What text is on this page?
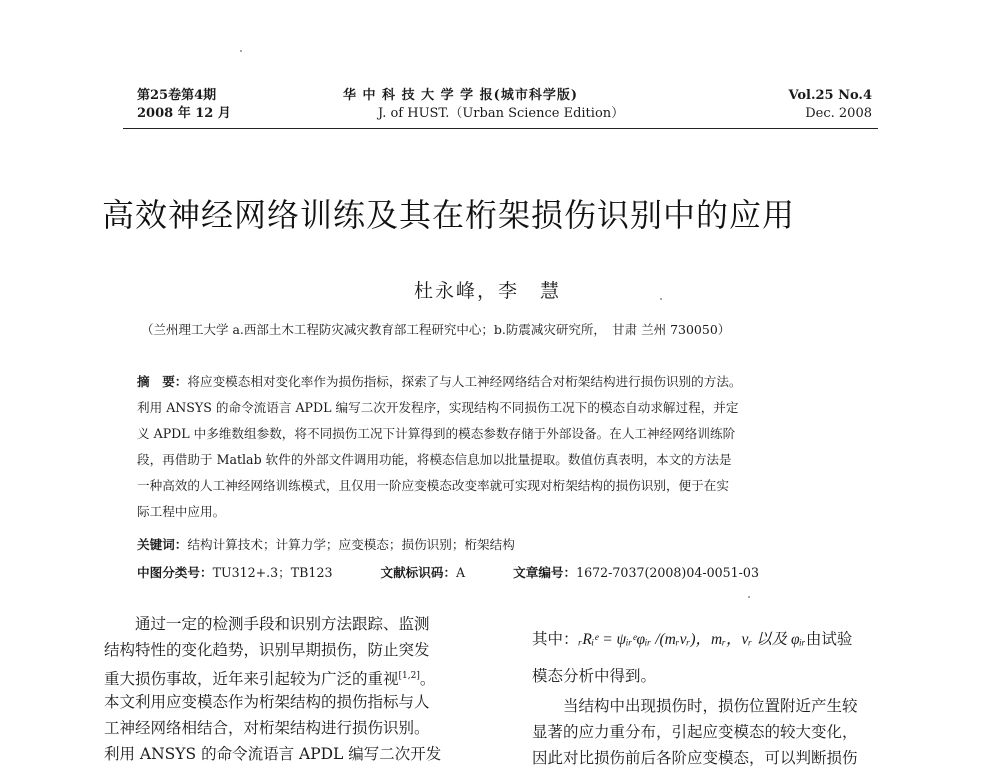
第25卷第4期
2008 年 12 月
华 中 科 技 大 学 学 报(城市科学版)
J. of HUST.（Urban Science Edition）
Vol.25 No.4
Dec. 2008
高效神经网络训练及其在桁架损伤识别中的应用
杜永峰，李　慧
（兰州理工大学 a.西部土木工程防灾减灾教育部工程研究中心；b.防震减灾研究所，　甘肃 兰州 730050）
摘　要：将应变模态相对变化率作为损伤指标，探索了与人工神经网络结合对桁架结构进行损伤识别的方法。
利用 ANSYS 的命令流语言 APDL 编写二次开发程序，实现结构不同损伤工况下的模态自动求解过程，并定
义 APDL 中多维数组参数，将不同损伤工况下计算得到的模态参数存储于外部设备。在人工神经网络训练阶
段，再借助于 Matlab 软件的外部文件调用功能，将模态信息加以批量提取。数值仿真表明，本文的方法是
一种高效的人工神经网络训练模式，且仅用一阶应变模态改变率就可实现对桁架结构的损伤识别，便于在实
际工程中应用。
关键词：结构计算技术；计算力学；应变模态；损伤识别；桁架结构
中图分类号：TU312+.3；TB123	文献标识码：A	文章编号：1672-7037(2008)04-0051-03
　　通过一定的检测手段和识别方法跟踪、监测
结构特性的变化趋势，识别早期损伤，防止突发
重大损伤事故，近年来引起较为广泛的重视[1,2]。
本文利用应变模态作为桁架结构的损伤指标与人
工神经网络相结合，对桁架结构进行损伤识别。
利用 ANSYS 的命令流语言 APDL 编写二次开发
其中：ᵣRᵢᵉ = ψᵢᵣᵉφᵢᵣ /(mᵣvᵣ)，mᵣ，vᵣ 以及 φᵢᵣ由试验
模态分析中得到。
　　当结构中出现损伤时，损伤位置附近产生较
显著的应力重分布，引起应变模态的较大变化，
因此对比损伤前后各阶应变模态，可以判断损伤
